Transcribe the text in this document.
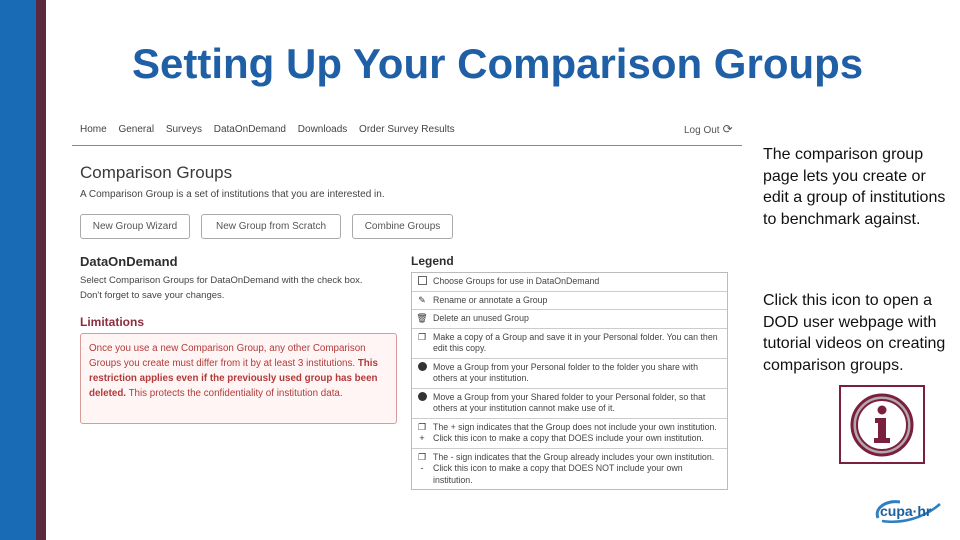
Setting Up Your Comparison Groups
Home General Surveys DataOnDemand Downloads Order Survey Results	Log Out ⟳
Comparison Groups
A Comparison Group is a set of institutions that you are interested in.
New Group Wizard	New Group from Scratch	Combine Groups
DataOnDemand
Select Comparison Groups for DataOnDemand with the check box.
Don't forget to save your changes.
Limitations
Once you use a new Comparison Group, any other Comparison Groups you create must differ from it by at least 3 institutions. This restriction applies even if the previously used group has been deleted. This protects the confidentiality of institution data.
Legend
Choose Groups for use in DataOnDemand
✎ Rename or annotate a Group
🗑 Delete an unused Group
❐ Make a copy of a Group and save it in your Personal folder. You can then edit this copy.
Move a Group from your Personal folder to the folder you share with others at your institution.
Move a Group from your Shared folder to your Personal folder, so that others at your institution cannot make use of it.
❐
+
The + sign indicates that the Group does not include your own institution. Click this icon to make a copy that DOES include your own institution.
❐
-
The - sign indicates that the Group already includes your own institution. Click this icon to make a copy that DOES NOT include your own institution.
The comparison group page lets you create or edit a group of institutions to benchmark against.
Click this icon to open a DOD user webpage with tutorial videos on creating comparison groups.
cupa·hr
